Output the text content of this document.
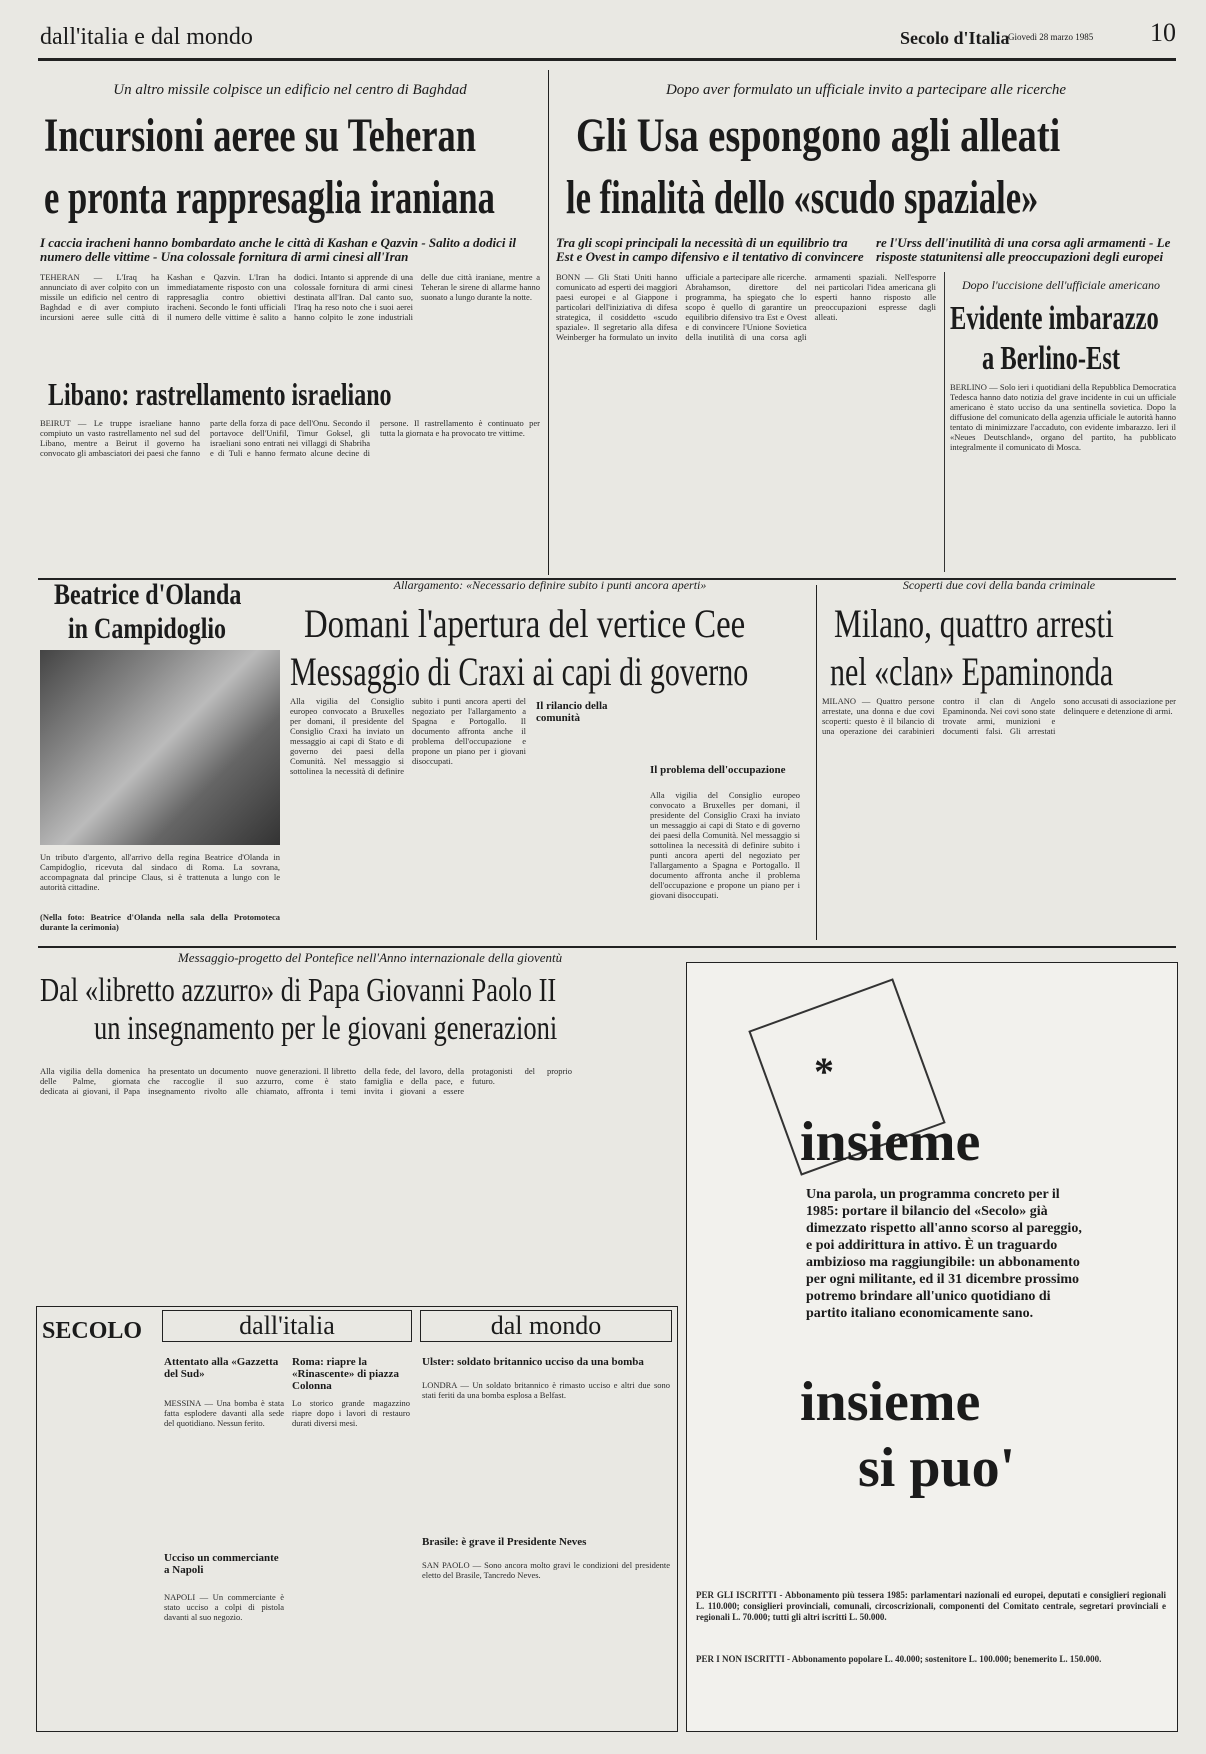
dall'italia e dal mondo	Secolo d'Italia
Giovedì 28 marzo 1985	10
Un altro missile colpisce un edificio nel centro di Baghdad
Incursioni aeree su Teheran
e pronta rappresaglia iraniana
I caccia iracheni hanno bombardato anche le città di Kashan e Qazvin - Salito a dodici il numero delle vittime - Una colossale fornitura di armi cinesi all'Iran
TEHERAN — L'Iraq ha annunciato di aver colpito con un missile un edificio nel centro di Baghdad e di aver compiuto incursioni aeree sulle città di Kashan e Qazvin. L'Iran ha immediatamente risposto con una rappresaglia contro obiettivi iracheni. Secondo le fonti ufficiali il numero delle vittime è salito a dodici. Intanto si apprende di una colossale fornitura di armi cinesi destinata all'Iran. Dal canto suo, l'Iraq ha reso noto che i suoi aerei hanno colpito le zone industriali delle due città iraniane, mentre a Teheran le sirene di allarme hanno suonato a lungo durante la notte.
Libano: rastrellamento israeliano
BEIRUT — Le truppe israeliane hanno compiuto un vasto rastrellamento nel sud del Libano, mentre a Beirut il governo ha convocato gli ambasciatori dei paesi che fanno parte della forza di pace dell'Onu. Secondo il portavoce dell'Unifil, Timur Goksel, gli israeliani sono entrati nei villaggi di Shabriha e di Tuli e hanno fermato alcune decine di persone. Il rastrellamento è continuato per tutta la giornata e ha provocato tre vittime.
Dopo aver formulato un ufficiale invito a partecipare alle ricerche
Gli Usa espongono agli alleati
le finalità dello «scudo spaziale»
Tra gli scopi principali la necessità di un equilibrio tra Est e Ovest in campo difensivo e il tentativo di convincere
re l'Urss dell'inutilità di una corsa agli armamenti - Le risposte statunitensi alle preoccupazioni degli europei
BONN — Gli Stati Uniti hanno comunicato ad esperti dei maggiori paesi europei e al Giappone i particolari dell'iniziativa di difesa strategica, il cosiddetto «scudo spaziale». Il segretario alla difesa Weinberger ha formulato un invito ufficiale a partecipare alle ricerche. Abrahamson, direttore del programma, ha spiegato che lo scopo è quello di garantire un equilibrio difensivo tra Est e Ovest e di convincere l'Unione Sovietica della inutilità di una corsa agli armamenti spaziali. Nell'esporre nei particolari l'idea americana gli esperti hanno risposto alle preoccupazioni espresse dagli alleati.
Dopo l'uccisione dell'ufficiale americano
Evidente imbarazzo
a Berlino-Est
BERLINO — Solo ieri i quotidiani della Repubblica Democratica Tedesca hanno dato notizia del grave incidente in cui un ufficiale americano è stato ucciso da una sentinella sovietica. Dopo la diffusione del comunicato della agenzia ufficiale le autorità hanno tentato di minimizzare l'accaduto, con evidente imbarazzo. Ieri il «Neues Deutschland», organo del partito, ha pubblicato integralmente il comunicato di Mosca.
Beatrice d'Olanda
in Campidoglio
Un tributo d'argento, all'arrivo della regina Beatrice d'Olanda in Campidoglio, ricevuta dal sindaco di Roma. La sovrana, accompagnata dal principe Claus, si è trattenuta a lungo con le autorità cittadine.
(Nella foto: Beatrice d'Olanda nella sala della Protomoteca durante la cerimonia)
Allargamento: «Necessario definire subito i punti ancora aperti»
Domani l'apertura del vertice Cee
Messaggio di Craxi ai capi di governo
Alla vigilia del Consiglio europeo convocato a Bruxelles per domani, il presidente del Consiglio Craxi ha inviato un messaggio ai capi di Stato e di governo dei paesi della Comunità. Nel messaggio si sottolinea la necessità di definire subito i punti ancora aperti del negoziato per l'allargamento a Spagna e Portogallo. Il documento affronta anche il problema dell'occupazione e propone un piano per i giovani disoccupati.
Il rilancio della comunità
Il problema dell'occupazione
Alla vigilia del Consiglio europeo convocato a Bruxelles per domani, il presidente del Consiglio Craxi ha inviato un messaggio ai capi di Stato e di governo dei paesi della Comunità. Nel messaggio si sottolinea la necessità di definire subito i punti ancora aperti del negoziato per l'allargamento a Spagna e Portogallo. Il documento affronta anche il problema dell'occupazione e propone un piano per i giovani disoccupati.
Scoperti due covi della banda criminale
Milano, quattro arresti
nel «clan» Epaminonda
MILANO — Quattro persone arrestate, una donna e due covi scoperti: questo è il bilancio di una operazione dei carabinieri contro il clan di Angelo Epaminonda. Nei covi sono state trovate armi, munizioni e documenti falsi. Gli arrestati sono accusati di associazione per delinquere e detenzione di armi.
Messaggio-progetto del Pontefice nell'Anno internazionale della gioventù
Dal «libretto azzurro» di Papa Giovanni Paolo II
un insegnamento per le giovani generazioni
Alla vigilia della domenica delle Palme, giornata dedicata ai giovani, il Papa ha presentato un documento che raccoglie il suo insegnamento rivolto alle nuove generazioni. Il libretto azzurro, come è stato chiamato, affronta i temi della fede, del lavoro, della famiglia e della pace, e invita i giovani a essere protagonisti del proprio futuro.
SECOLO	dall'italia	dal mondo
Attentato alla «Gazzetta del Sud»
MESSINA — Una bomba è stata fatta esplodere davanti alla sede del quotidiano. Nessun ferito.
Ucciso un commerciante a Napoli
NAPOLI — Un commerciante è stato ucciso a colpi di pistola davanti al suo negozio.
Roma: riapre la «Rinascente» di piazza Colonna
Lo storico grande magazzino riapre dopo i lavori di restauro durati diversi mesi.
Ulster: soldato britannico ucciso da una bomba
LONDRA — Un soldato britannico è rimasto ucciso e altri due sono stati feriti da una bomba esplosa a Belfast.
Brasile: è grave il Presidente Neves
SAN PAOLO — Sono ancora molto gravi le condizioni del presidente eletto del Brasile, Tancredo Neves.
*
insieme
Una parola, un programma concreto per il 1985: portare il bilancio del «Secolo» già dimezzato rispetto all'anno scorso al pareggio, e poi addirittura in attivo. È un traguardo ambizioso ma raggiungibile: un abbonamento per ogni militante, ed il 31 dicembre prossimo potremo brindare all'unico quotidiano di partito italiano economicamente sano.
insieme
si puo'
PER GLI ISCRITTI - Abbonamento più tessera 1985: parlamentari nazionali ed europei, deputati e consiglieri regionali L. 110.000; consiglieri provinciali, comunali, circoscrizionali, componenti del Comitato centrale, segretari provinciali e regionali L. 70.000; tutti gli altri iscritti L. 50.000.
PER I NON ISCRITTI - Abbonamento popolare L. 40.000; sostenitore L. 100.000; benemerito L. 150.000.
